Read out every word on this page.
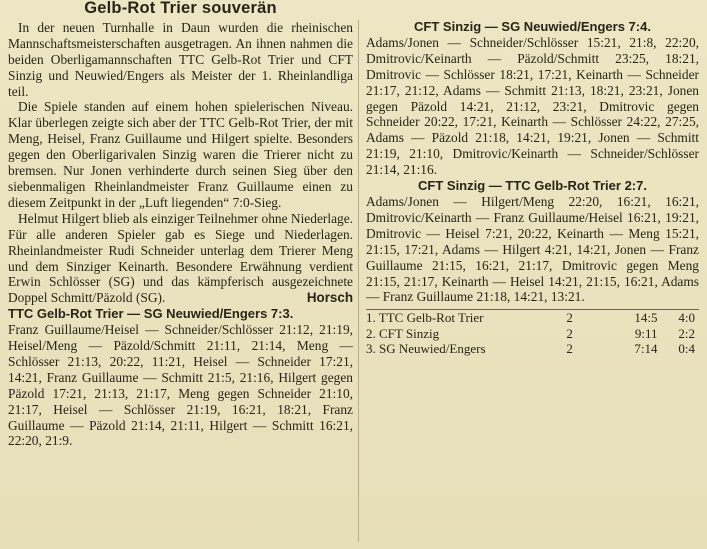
Gelb-Rot Trier souverän

In der neuen Turnhalle in Daun wurden die rheinischen Mannschaftsmeisterschaften ausgetragen. An ihnen nahmen die beiden Oberligamannschaften TTC Gelb-Rot Trier und CFT Sinzig und Neuwied/Engers als Meister der 1. Rheinlandliga teil.

Die Spiele standen auf einem hohen spielerischen Niveau. Klar überlegen zeigte sich aber der TTC Gelb-Rot Trier, der mit Meng, Heisel, Franz Guillaume und Hilgert spielte. Besonders gegen den Oberligarivalen Sinzig waren die Trierer nicht zu bremsen. Nur Jonen verhinderte durch seinen Sieg über den siebenmaligen Rheinlandmeister Franz Guillaume einen zu diesem Zeitpunkt in der „Luft liegenden“ 7:0-Sieg.

Helmut Hilgert blieb als einziger Teilnehmer ohne Niederlage. Für alle anderen Spieler gab es Siege und Niederlagen. Rheinlandmeister Rudi Schneider unterlag dem Trierer Meng und dem Sinziger Keinarth. Besondere Erwähnung verdient Erwin Schlösser (SG) und das kämpferisch ausgezeichnete Doppel Schmitt/Päzold (SG).	Horsch

TTC Gelb-Rot Trier — SG Neuwied/Engers 7:3.

Franz Guillaume/Heisel — Schneider/Schlösser 21:12, 21:19, Heisel/Meng — Päzold/Schmitt 21:11, 21:14, Meng — Schlösser 21:13, 20:22, 11:21, Heisel — Schneider 17:21, 14:21, Franz Guillaume — Schmitt 21:5, 21:16, Hilgert gegen Päzold 17:21, 21:13, 21:17, Meng gegen Schneider 21:10, 21:17, Heisel — Schlösser 21:19, 16:21, 18:21, Franz Guillaume — Päzold 21:14, 21:11, Hilgert — Schmitt 16:21, 22:20, 21:9.

CFT Sinzig — SG Neuwied/Engers 7:4.

Adams/Jonen — Schneider/Schlösser 15:21, 21:8, 22:20, Dmitrovic/Keinarth — Päzold/Schmitt 23:25, 18:21, Dmitrovic — Schlösser 18:21, 17:21, Keinarth — Schneider 21:17, 21:12, Adams — Schmitt 21:13, 18:21, 23:21, Jonen gegen Päzold 14:21, 21:12, 23:21, Dmitrovic gegen Schneider 20:22, 17:21, Keinarth — Schlösser 24:22, 27:25, Adams — Päzold 21:18, 14:21, 19:21, Jonen — Schmitt 21:19, 21:10, Dmitrovic/Keinarth — Schneider/Schlösser 21:14, 21:16.

CFT Sinzig — TTC Gelb-Rot Trier 2:7.

Adams/Jonen — Hilgert/Meng 22:20, 16:21, 16:21, Dmitrovic/Keinarth — Franz Guillaume/Heisel 16:21, 19:21, Dmitrovic — Heisel 7:21, 20:22, Keinarth — Meng 15:21, 21:15, 17:21, Adams — Hilgert 4:21, 14:21, Jonen — Franz Guillaume 21:15, 16:21, 21:17, Dmitrovic gegen Meng 21:15, 21:17, Keinarth — Heisel 14:21, 21:15, 16:21, Adams — Franz Guillaume 21:18, 14:21, 13:21.

1. TTC Gelb-Rot Trier	2	14:5	4:0
2. CFT Sinzig	2	9:11	2:2
3. SG Neuwied/Engers	2	7:14	0:4
